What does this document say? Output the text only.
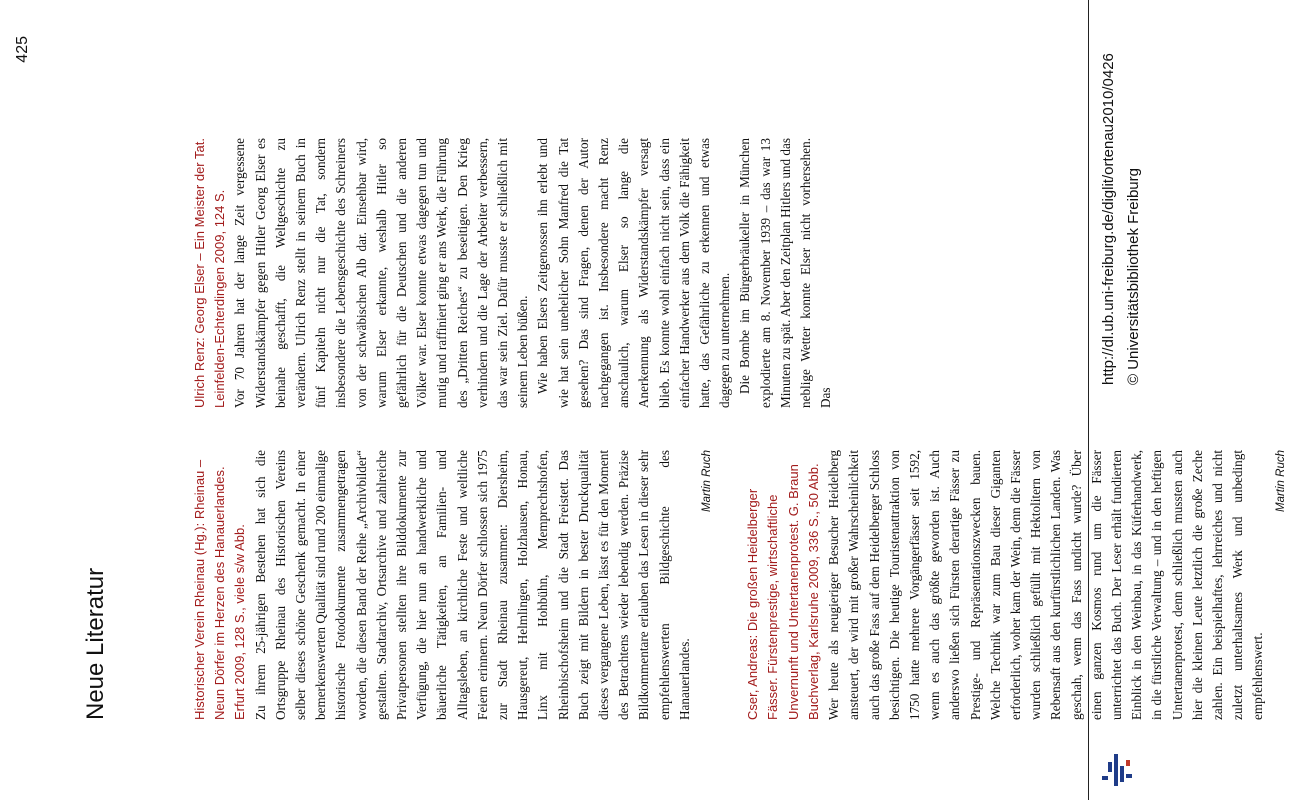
425
Neue Literatur	Historischer Verein Rheinau (Hg.): Rheinau – Neun Dörfer im Herzen des Hanauerlandes. Erfurt 2009, 128 S., viele s/w Abb. Zu ihrem 25-jährigen Bestehen hat sich die Ortsgruppe Rheinau des Historischen Vereins selber dieses schöne Geschenk gemacht. In einer bemerkenswerten Qualität sind rund 200 einmalige historische Fotodokumente zusammengetragen worden, die diesen Band der Reihe „Archivbilder“ gestalten. Stadtarchiv, Ortsarchive und zahlreiche Privatpersonen stellten ihre Bilddokumente zur Verfügung, die hier nun an handwerkliche und bäuerliche Tätigkeiten, an Familien- und Alltagsleben, an kirchliche Feste und weltliche Feiern erinnern. Neun Dörfer schlossen sich 1975 zur Stadt Rheinau zusammen: Diersheim, Hausgereut, Helmlingen, Holzhausen, Honau, Linx mit Hohbühn, Memprechtshofen, Rheinbischofsheim und die Stadt Freistett. Das Buch zeigt mit Bildern in bester Druckqualität dieses vergangene Leben, lässt es für den Moment des Betrachtens wieder lebendig werden. Präzise Bildkommentare erlauben das Lesen in dieser sehr empfehlenswerten Bildgeschichte des Hanauerlandes.

Martin Ruch
Cser, Andreas: Die großen Heidelberger Fässer. Fürstenprestige, wirtschaftliche Unvernunft und Untertanenprotest. G. Braun Buchverlag, Karlsruhe 2009, 336 S., 50 Abb. Wer heute als neugieriger Besucher Heidelberg ansteuert, der wird mit großer Wahrscheinlichkeit auch das große Fass auf dem Heidelberger Schloss besichtigen. Die heutige Touristenattraktion von 1750 hatte mehrere Vorgängerfässer seit 1592, wenn es auch das größte geworden ist. Auch anderswo ließen sich Fürsten derartige Fässer zu Prestige- und Repräsentationszwecken bauen. Welche Technik war zum Bau dieser Giganten erforderlich, woher kam der Wein, denn die Fässer wurden schließlich gefüllt mit Hektolitern von Rebensaft aus den kurfürstlichlichen Landen. Was geschah, wenn das Fass undicht wurde? Über einen ganzen Kosmos rund um die Fässer unterrichtet das Buch. Der Leser erhält fundierten Einblick in den Weinbau, in das Küferhandwerk, in die fürstliche Verwaltung – und in den heftigen Untertanenprotest, denn schließlich mussten auch hier die kleinen Leute letztlich die große Zeche zahlen. Ein beispielhaftes, lehrreiches und nicht zuletzt unterhaltsames Werk und unbedingt empfehlenswert.

Martin Ruch
Ulrich Renz: Georg Elser – Ein Meister der Tat. Leinfelden-Echterdingen 2009, 124 S. Vor 70 Jahren hat der lange Zeit vergessene Widerstandskämpfer gegen Hitler Georg Elser es beinahe geschafft, die Weltgeschichte zu verändern. Ulrich Renz stellt in seinem Buch in fünf Kapiteln nicht nur die Tat, sondern insbesondere die Lebensgeschichte des Schreiners von der schwäbischen Alb dar. Einsehbar wird, warum Elser erkannte, weshalb Hitler so gefährlich für die Deutschen und die anderen Völker war. Elser konnte etwas dagegen tun und mutig und raffiniert ging er ans Werk, die Führung des „Dritten Reiches“ zu beseitigen. Den Krieg verhindern und die Lage der Arbeiter verbessern, das war sein Ziel. Dafür musste er schließlich mit seinem Leben büßen. Wie haben Elsers Zeitgenossen ihn erlebt und wie hat sein unehelicher Sohn Manfred die Tat gesehen? Das sind Fragen, denen der Autor nachgegangen ist. Insbesondere macht Renz anschaulich, warum Elser so lange die Anerkennung als Widerstandskämpfer versagt blieb. Es konnte wohl einfach nicht sein, dass ein einfacher Handwerker aus dem Volk die Fähigkeit hatte, das Gefährliche zu erkennen und etwas dagegen zu unternehmen. Die Bombe im Bürgerbräukeller in München explodierte am 8. November 1939 – das war 13 Minuten zu spät. Aber den Zeitplan Hitlers und das neblige Wetter konnte Elser nicht vorhersehen. Das

http://dl.ub.uni-freiburg.de/diglit/ortenau2010/0426 © Universitätsbibliothek Freiburg
